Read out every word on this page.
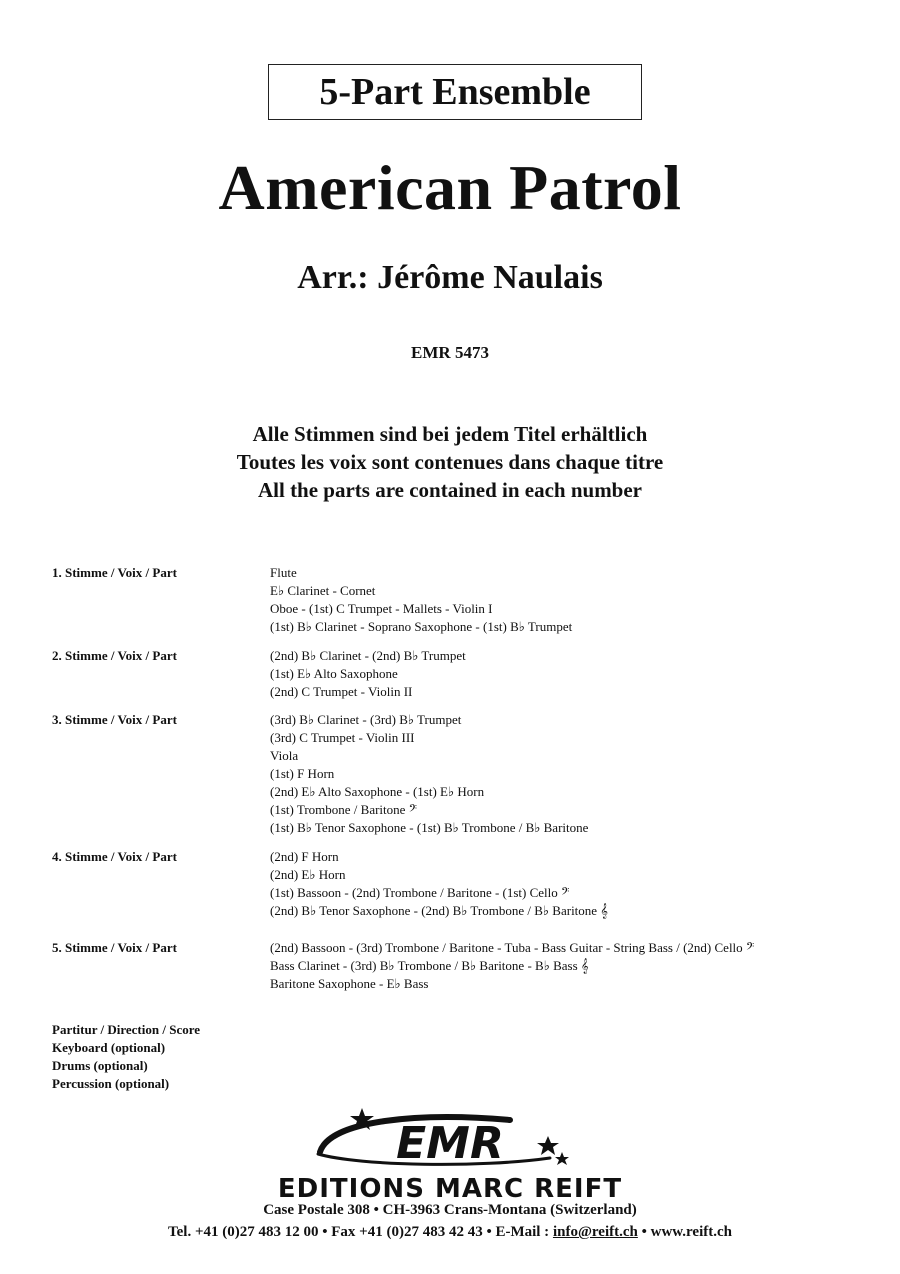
5-Part Ensemble
American Patrol
Arr.: Jérôme Naulais
EMR 5473
Alle Stimmen sind bei jedem Titel erhältlich
Toutes les voix sont contenues dans chaque titre
All the parts are contained in each number
1. Stimme / Voix / Part	Flute
E♭ Clarinet - Cornet
Oboe - (1st) C Trumpet - Mallets - Violin I
(1st) B♭ Clarinet - Soprano Saxophone - (1st) B♭ Trumpet
2. Stimme / Voix / Part	(2nd) B♭ Clarinet - (2nd) B♭ Trumpet
(1st) E♭ Alto Saxophone
(2nd) C Trumpet - Violin II
3. Stimme / Voix / Part	(3rd) B♭ Clarinet - (3rd) B♭ Trumpet
(3rd) C Trumpet - Violin III
Viola
(1st) F Horn
(2nd) E♭ Alto Saxophone - (1st) E♭ Horn
(1st) Trombone / Baritone 𝄢
(1st) B♭ Tenor Saxophone - (1st) B♭ Trombone / B♭ Baritone
4. Stimme / Voix / Part	(2nd) F Horn
(2nd) E♭ Horn
(1st) Bassoon - (2nd) Trombone / Baritone - (1st) Cello 𝄢
(2nd) B♭ Tenor Saxophone - (2nd) B♭ Trombone / B♭ Baritone 𝄞
5. Stimme / Voix / Part	(2nd) Bassoon - (3rd) Trombone / Baritone - Tuba - Bass Guitar - String Bass / (2nd) Cello 𝄢
Bass Clarinet - (3rd) B♭ Trombone / B♭ Baritone - B♭ Bass 𝄞
Baritone Saxophone - E♭ Bass
Partitur / Direction / Score
Keyboard (optional)
Drums (optional)
Percussion (optional)
EMR
EDITIONS MARC REIFT
Case Postale 308 • CH-3963 Crans-Montana (Switzerland)
Tel. +41 (0)27 483 12 00 • Fax +41 (0)27 483 42 43 • E-Mail : info@reift.ch • www.reift.ch
